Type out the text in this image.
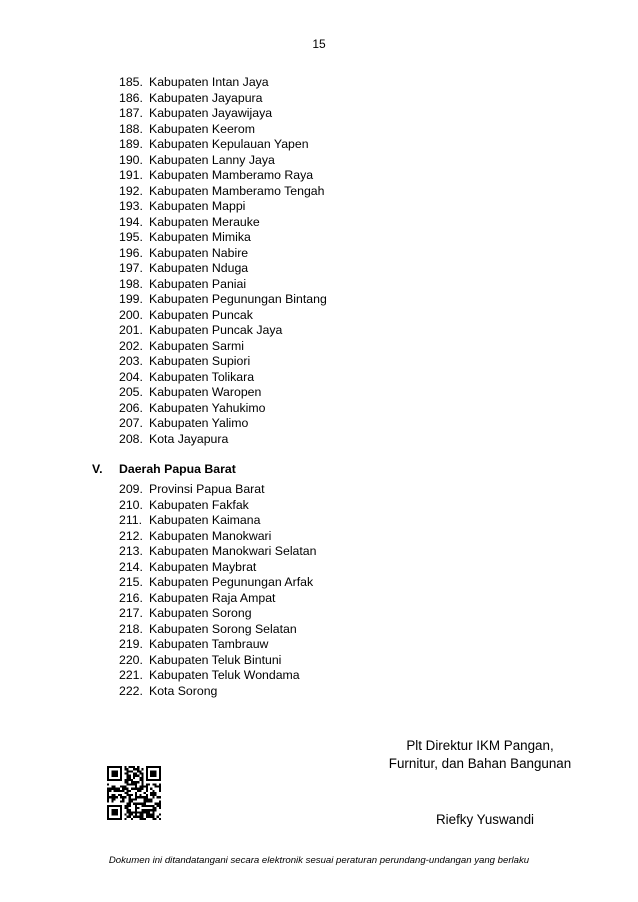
15
185. Kabupaten Intan Jaya
186. Kabupaten Jayapura
187. Kabupaten Jayawijaya
188. Kabupaten Keerom
189. Kabupaten Kepulauan Yapen
190. Kabupaten Lanny Jaya
191. Kabupaten Mamberamo Raya
192. Kabupaten Mamberamo Tengah
193. Kabupaten Mappi
194. Kabupaten Merauke
195. Kabupaten Mimika
196. Kabupaten Nabire
197. Kabupaten Nduga
198. Kabupaten Paniai
199. Kabupaten Pegunungan Bintang
200. Kabupaten Puncak
201. Kabupaten Puncak Jaya
202. Kabupaten Sarmi
203. Kabupaten Supiori
204. Kabupaten Tolikara
205. Kabupaten Waropen
206. Kabupaten Yahukimo
207. Kabupaten Yalimo
208. Kota Jayapura
V. Daerah Papua Barat
209. Provinsi Papua Barat
210. Kabupaten Fakfak
211. Kabupaten Kaimana
212. Kabupaten Manokwari
213. Kabupaten Manokwari Selatan
214. Kabupaten Maybrat
215. Kabupaten Pegunungan Arfak
216. Kabupaten Raja Ampat
217. Kabupaten Sorong
218. Kabupaten Sorong Selatan
219. Kabupaten Tambrauw
220. Kabupaten Teluk Bintuni
221. Kabupaten Teluk Wondama
222. Kota Sorong
Plt Direktur IKM Pangan,
Furnitur, dan Bahan Bangunan
Riefky Yuswandi
Dokumen ini ditandatangani secara elektronik sesuai peraturan perundang-undangan yang berlaku
